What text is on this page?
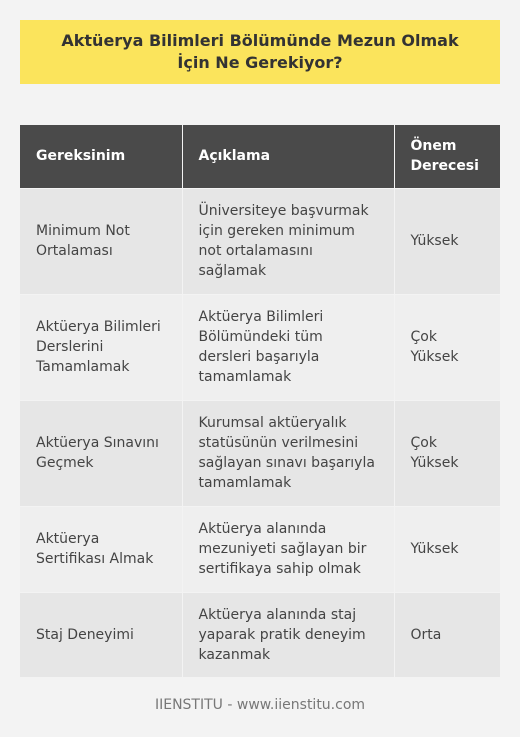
Aktüerya Bilimleri Bölümünde Mezun Olmak İçin Ne Gerekiyor?
Gereksinim	Açıklama	Önem Derecesi
Minimum Not Ortalaması	Üniversiteye başvurmak için gereken minimum not ortalamasını sağlamak	Yüksek
Aktüerya Bilimleri Derslerini Tamamlamak	Aktüerya Bilimleri Bölümündeki tüm dersleri başarıyla tamamlamak	Çok Yüksek
Aktüerya Sınavını Geçmek	Kurumsal aktüeryalık statüsünün verilmesini sağlayan sınavı başarıyla tamamlamak	Çok Yüksek
Aktüerya Sertifikası Almak	Aktüerya alanında mezuniyeti sağlayan bir sertifikaya sahip olmak	Yüksek
Staj Deneyimi	Aktüerya alanında staj yaparak pratik deneyim kazanmak	Orta
IIENSTITU - www.iienstitu.com
